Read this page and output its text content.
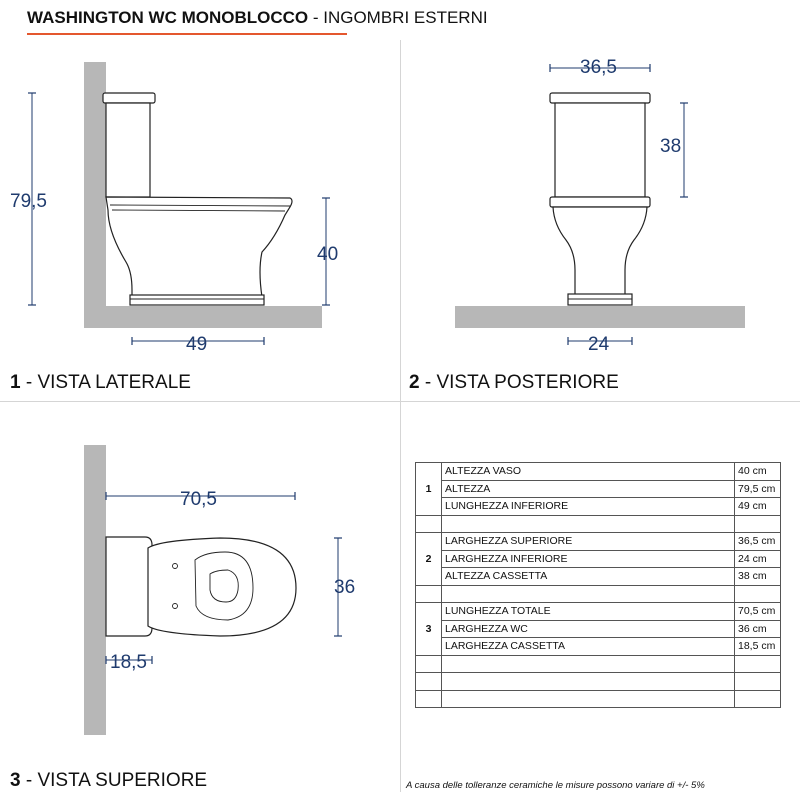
WASHINGTON WC MONOBLOCCO - INGOMBRI ESTERNI
79,5
40
49
36,5
38
24
70,5
36
18,5
1 - VISTA LATERALE	2 - VISTA POSTERIORE
3 - VISTA SUPERIORE
1	ALTEZZA VASO	40 cm
	ALTEZZA	79,5 cm
	LUNGHEZZA INFERIORE	49 cm

2	LARGHEZZA SUPERIORE	36,5 cm
	LARGHEZZA INFERIORE	24 cm
	ALTEZZA CASSETTA	38 cm

3	LUNGHEZZA TOTALE	70,5 cm
	LARGHEZZA WC	36 cm
	LARGHEZZA CASSETTA	18,5 cm

A causa delle tolleranze ceramiche le misure possono variare di +/- 5%
